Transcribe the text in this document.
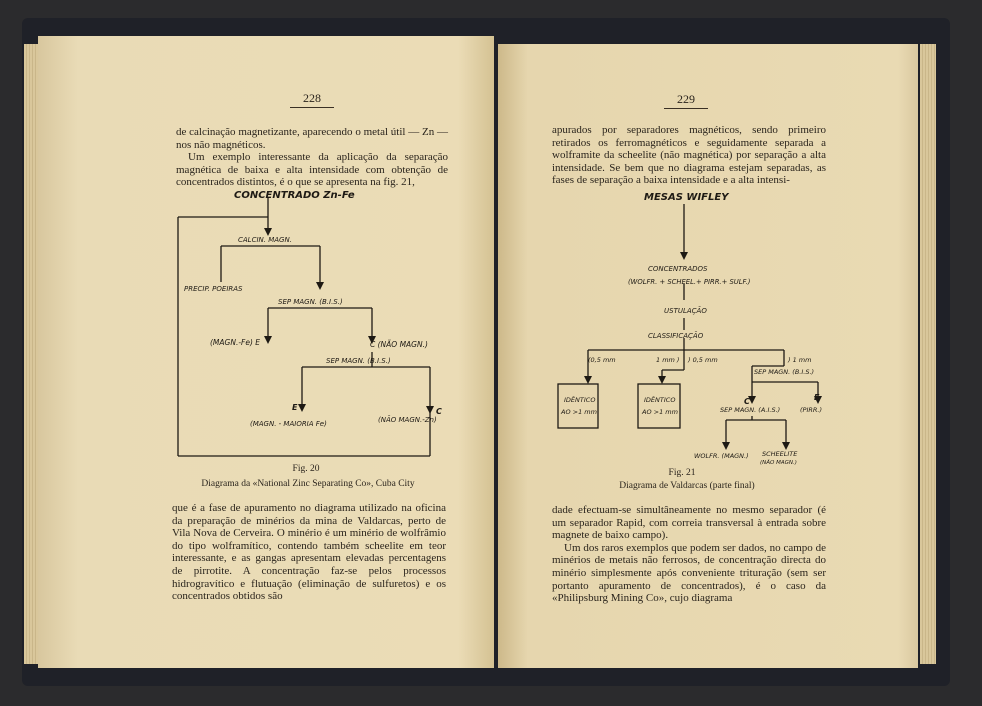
228

de calcinação magnetizante, aparecendo o metal útil — Zn — nos não magnéticos.

Um exemplo interessante da aplicação da separação magnética de baixa e alta intensidade com obtenção de concentrados distintos, é o que se apresenta na fig. 21,

CONCENTRADO Zn-Fe
CALCIN. MAGN.
PRECIP. POEIRAS
SEP MAGN. (B.I.S.)
(MAGN.-Fe) E	C (NÃO MAGN.)
SEP MAGN. (B.I.S.)
E	C
(MAGN. - MAIORIA Fe)	(NÃO MAGN.-Zn)
Fig. 20
Diagrama da «National Zinc Separating Co», Cuba City
que é a fase de apuramento no diagrama utilizado na oficina da preparação de minérios da mina de Valdarcas, perto de Vila Nova de Cerveira. O minério é um minério de wolfrâmio do tipo wolframítico, contendo também scheelite em teor interessante, e as gangas apresentam elevadas percentagens de pirrotite. A concentração faz-se pelos processos hidrogravítico e flutuação (eliminação de sulfuretos) e os concentrados obtidos são
229
apurados por separadores magnéticos, sendo primeiro retirados os ferromagnéticos e seguidamente separada a wolframite da scheelite (não magnética) por separação a alta intensidade. Se bem que no diagrama estejam separadas, as fases de separação a baixa intensidade e a alta intensi-
MESAS WIFLEY
CONCENTRADOS
(WOLFR. + SCHEEL.+ PIRR.+ SULF.)
USTULAÇÃO
CLASSIFICAÇÃO
(0,5 mm	1 mm ) ) 0,5 mm	) 1 mm
IDÊNTICO
AO >1 mm
IDÊNTICO
AO >1 mm
SEP MAGN. (B.I.S.)
C	E
SEP MAGN. (A.I.S.)	(PIRR.)
WOLFR. (MAGN.) SCHEELITE
(NÃO MAGN.)
Fig. 21
Diagrama de Valdarcas (parte final)

dade efectuam-se simultâneamente no mesmo separador (é um separador Rapid, com correia transversal à entrada sobre magnete de baixo campo).

Um dos raros exemplos que podem ser dados, no campo de minérios de metais não ferrosos, de concentração directa do minério simplesmente após conveniente trituração (sem ser portanto apuramento de concentrados), é o caso da «Philipsburg Mining Co», cujo diagrama
